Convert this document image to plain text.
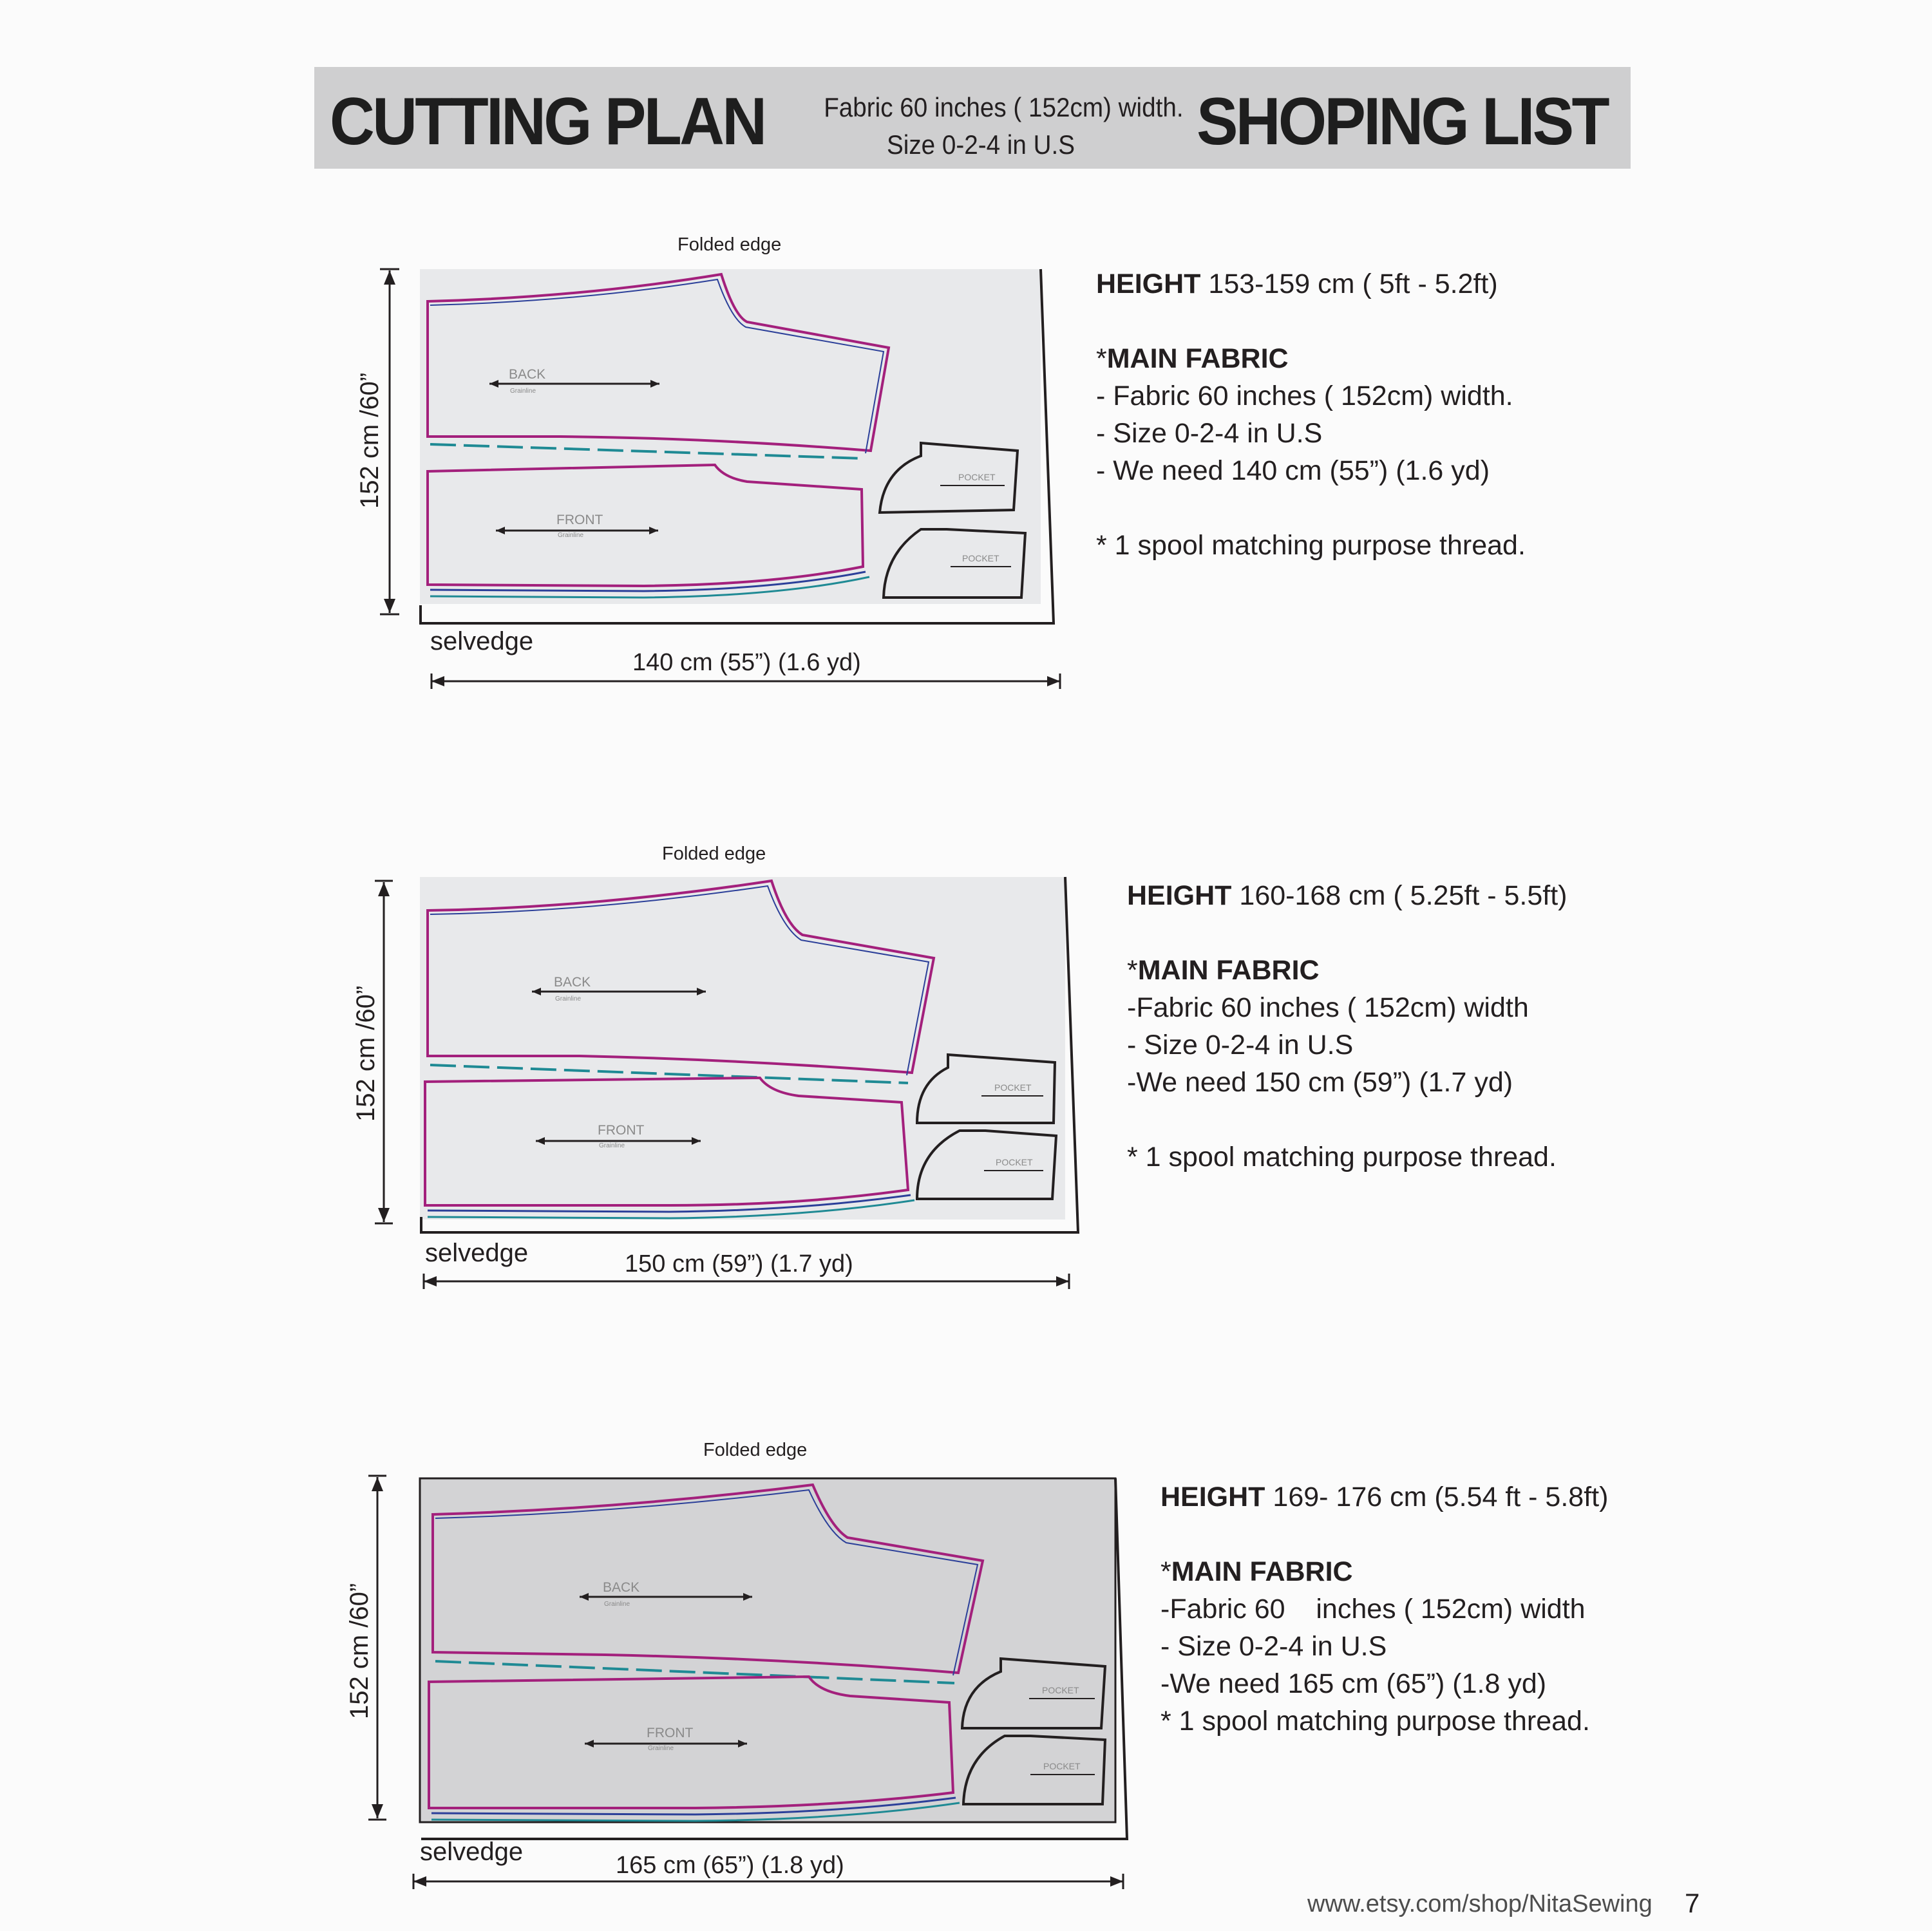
CUTTING PLAN Fabric 60 inches ( 152cm) width.
Size 0-2-4 in U.S	SHOPING LIST
BACK
Grainline
FRONT
Grainline
POCKET
POCKET
Folded edge
152 cm /60”
selvedge
140 cm (55”) (1.6 yd)

HEIGHT 153-159 cm ( 5ft - 5.2ft)

*MAIN FABRIC

- Fabric 60 inches ( 152cm) width.

- Size 0-2-4 in U.S

- We need 140 cm (55”) (1.6 yd)

* 1 spool matching purpose thread.

BACK
Grainline
FRONT
Grainline
POCKET
POCKET
Folded edge
152 cm /60”
selvedge	150 cm (59”) (1.7 yd)

HEIGHT 160-168 cm ( 5.25ft - 5.5ft)

*MAIN FABRIC

-Fabric 60 inches ( 152cm) width

- Size 0-2-4 in U.S

-We need 150 cm (59”) (1.7 yd)

* 1 spool matching purpose thread.

BACK
Grainline
FRONT
Grainline
POCKET
POCKET
Folded edge
152 cm /60”
selvedge	165 cm (65”) (1.8 yd)

HEIGHT 169- 176 cm (5.54 ft - 5.8ft)

*MAIN FABRIC

-Fabric 60    inches ( 152cm) width

- Size 0-2-4 in U.S

-We need 165 cm (65”) (1.8 yd)

* 1 spool matching purpose thread.

www.etsy.com/shop/NitaSewing 7
